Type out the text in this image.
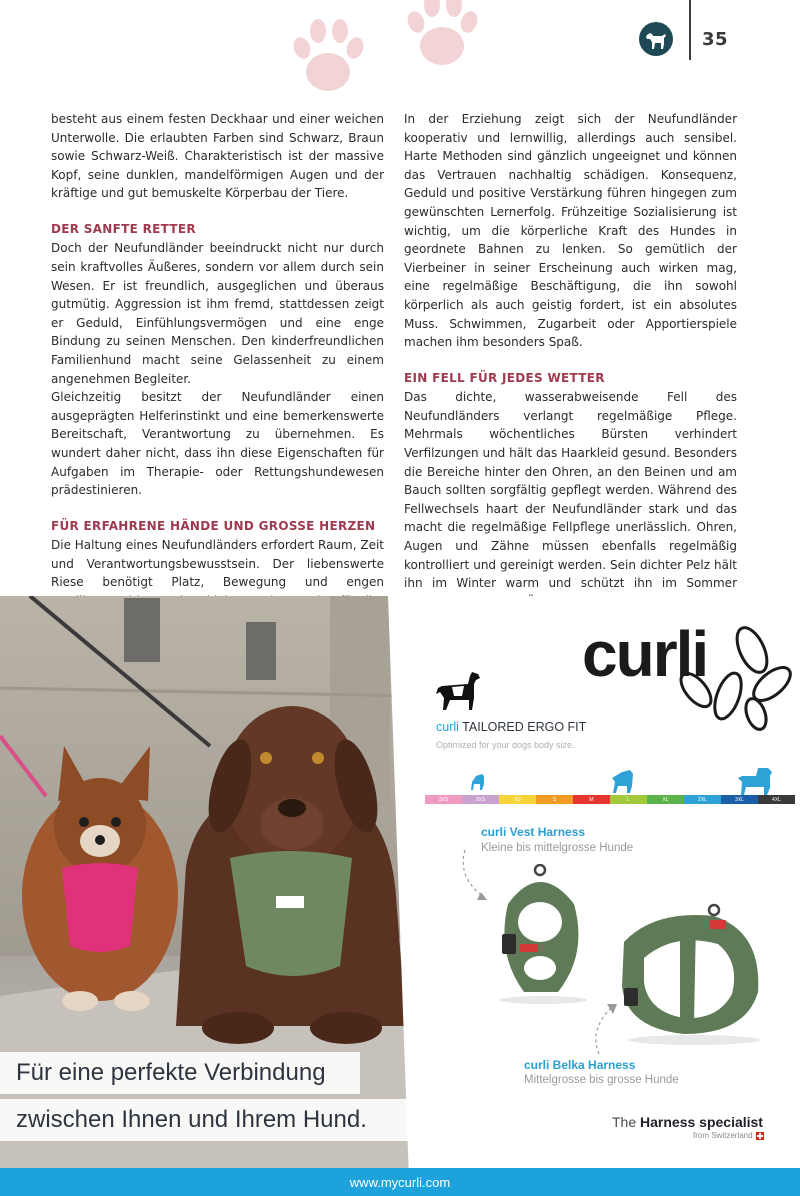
35

besteht aus einem festen Deckhaar und einer weichen Unterwolle. Die erlaubten Farben sind Schwarz, Braun sowie Schwarz-Weiß. Charakteristisch ist der massive Kopf, seine dunklen, mandelförmigen Augen und der kräftige und gut bemuskelte Körperbau der Tiere.

DER SANFTE RETTER

Doch der Neufundländer beeindruckt nicht nur durch sein kraftvolles Äußeres, sondern vor allem durch sein Wesen. Er ist freundlich, ausgeglichen und überaus gutmütig. Aggression ist ihm fremd, stattdessen zeigt er Geduld, Einfühlungsvermögen und eine enge Bindung zu seinen Menschen. Den kinderfreundlichen Familienhund macht seine Gelassenheit zu einem angenehmen Begleiter.

Gleichzeitig besitzt der Neufundländer einen ausgeprägten Helferinstinkt und eine bemerkenswerte Bereitschaft, Verantwortung zu übernehmen. Es wundert daher nicht, dass ihn diese Eigenschaften für Aufgaben im Therapie- oder Rettungshundewesen prädestinieren.

FÜR ERFAHRENE HÄNDE UND GROSSE HERZEN

Die Haltung eines Neufundländers erfordert Raum, Zeit und Verantwortungsbewusstsein. Der liebenswerte Riese benötigt Platz, Bewegung und engen

In der Erziehung zeigt sich der Neufundländer kooperativ und lernwillig, allerdings auch sensibel. Harte Methoden sind gänzlich ungeeignet und können das Vertrauen nachhaltig schädigen. Konsequenz, Geduld und positive Verstärkung führen hingegen zum gewünschten Lernerfolg. Frühzeitige Sozialisierung ist wichtig, um die körperliche Kraft des Hundes in geordnete Bahnen zu lenken. So gemütlich der Vierbeiner in seiner Erscheinung auch wirken mag, eine regelmäßige Beschäftigung, die ihn sowohl körperlich als auch geistig fordert, ist ein absolutes Muss. Schwimmen, Zugarbeit oder Apportierspiele machen ihm besonders Spaß.

EIN FELL FÜR JEDES WETTER

Das dichte, wasserabweisende Fell des Neufundländers verlangt regelmäßige Pflege. Mehrmals wöchentliches Bürsten verhindert Verfilzungen und hält das Haarkleid gesund. Besonders die Bereiche hinter den Ohren, an den Beinen und am Bauch sollten sorgfältig gepflegt werden. Während des Fellwechsels haart der Neufundländer stark und das macht die regelmäßige Fellpflege unerlässlich. Ohren, Augen und Zähne müssen ebenfalls regelmäßig kontrolliert und gereinigt werden. Sein dichter Pelz hält ihn im Winter warm und schützt ihn im Sommer

Für eine perfekte Verbindung
zwischen Ihnen und Ihrem Hund.
curli
curli TAILORED ERGO FIT
Optimized for your dogs body size.
3XS	2XS	XS	S	M	L	XL	2XL	3XL	4XL
curli Vest Harness
Kleine bis mittelgrosse Hunde
curli Belka Harness
Mittelgrosse bis grosse Hunde
The Harness specialist
from Switzerland
www.mycurli.com
